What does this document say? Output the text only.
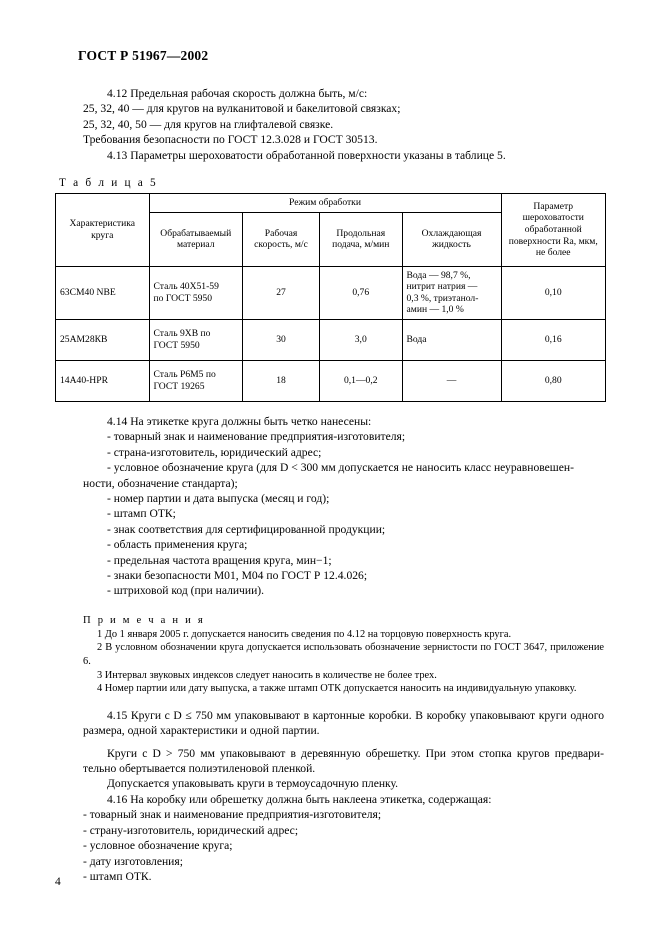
ГОСТ Р 51967—2002

4.12 Предельная рабочая скорость должна быть, м/с:

25, 32, 40 — для кругов на вулканитовой и бакелитовой связках;

25, 32, 40, 50 — для кругов на глифталевой связке.

Требования безопасности по ГОСТ 12.3.028 и ГОСТ 30513.

4.13 Параметры шероховатости обработанной поверхности указаны в таблице 5.

Т а б л и ц а 5
Характеристика круга	Режим обработки				Параметр шероховатости обработанной поверхности Ra, мкм, не более
	Обрабатываемый материал	Рабочая скорость, м/с	Продольная подача, м/мин	Охлаждающая жидкость	
63СМ40 NBE	Сталь 40Х51-59
по ГОСТ 5950	27	0,76	Вода — 98,7 %,
нитрит натрия —
0,3 %, триэтанол-
амин — 1,0 %	0,10
25АМ28КВ	Сталь 9ХВ по
ГОСТ 5950	30	3,0	Вода	0,16
14А40-HPR	Сталь Р6М5 по
ГОСТ 19265	18	0,1—0,2	—	0,80

4.14 На этикетке круга должны быть четко нанесены:

- товарный знак и наименование предприятия-изготовителя;

- страна-изготовитель, юридический адрес;

- условное обозначение круга (для D < 300 мм допускается не наносить класс неуравновешен-

ности, обозначение стандарта);

- номер партии и дата выпуска (месяц и год);

- штамп ОТК;

- знак соответствия для сертифицированной продукции;

- область применения круга;

- предельная частота вращения круга, мин−1;

- знаки безопасности М01, М04 по ГОСТ Р 12.4.026;

- штриховой код (при наличии).

П р и м е ч а н и я

1 До 1 января 2005 г. допускается наносить сведения по 4.12 на торцовую поверхность круга.

2 В условном обозначении круга допускается использовать обозначение зернистости по ГОСТ 3647, приложение 6.

3 Интервал звуковых индексов следует наносить в количестве не более трех.

4 Номер партии или дату выпуска, а также штамп ОТК допускается наносить на индивидуальную упаковку.

4.15 Круги с D ≤ 750 мм упаковывают в картонные коробки. В коробку упаковывают круги одного размера, одной характеристики и одной партии.

Круги с D > 750 мм упаковывают в деревянную обрешетку. При этом стопка кругов предвари- тельно обертывается полиэтиленовой пленкой.

Допускается упаковывать круги в термоусадочную пленку.

4.16 На коробку или обрешетку должна быть наклеена этикетка, содержащая:

- товарный знак и наименование предприятия-изготовителя;

- страну-изготовитель, юридический адрес;

- условное обозначение круга;

- дату изготовления;

- штамп ОТК.

4
